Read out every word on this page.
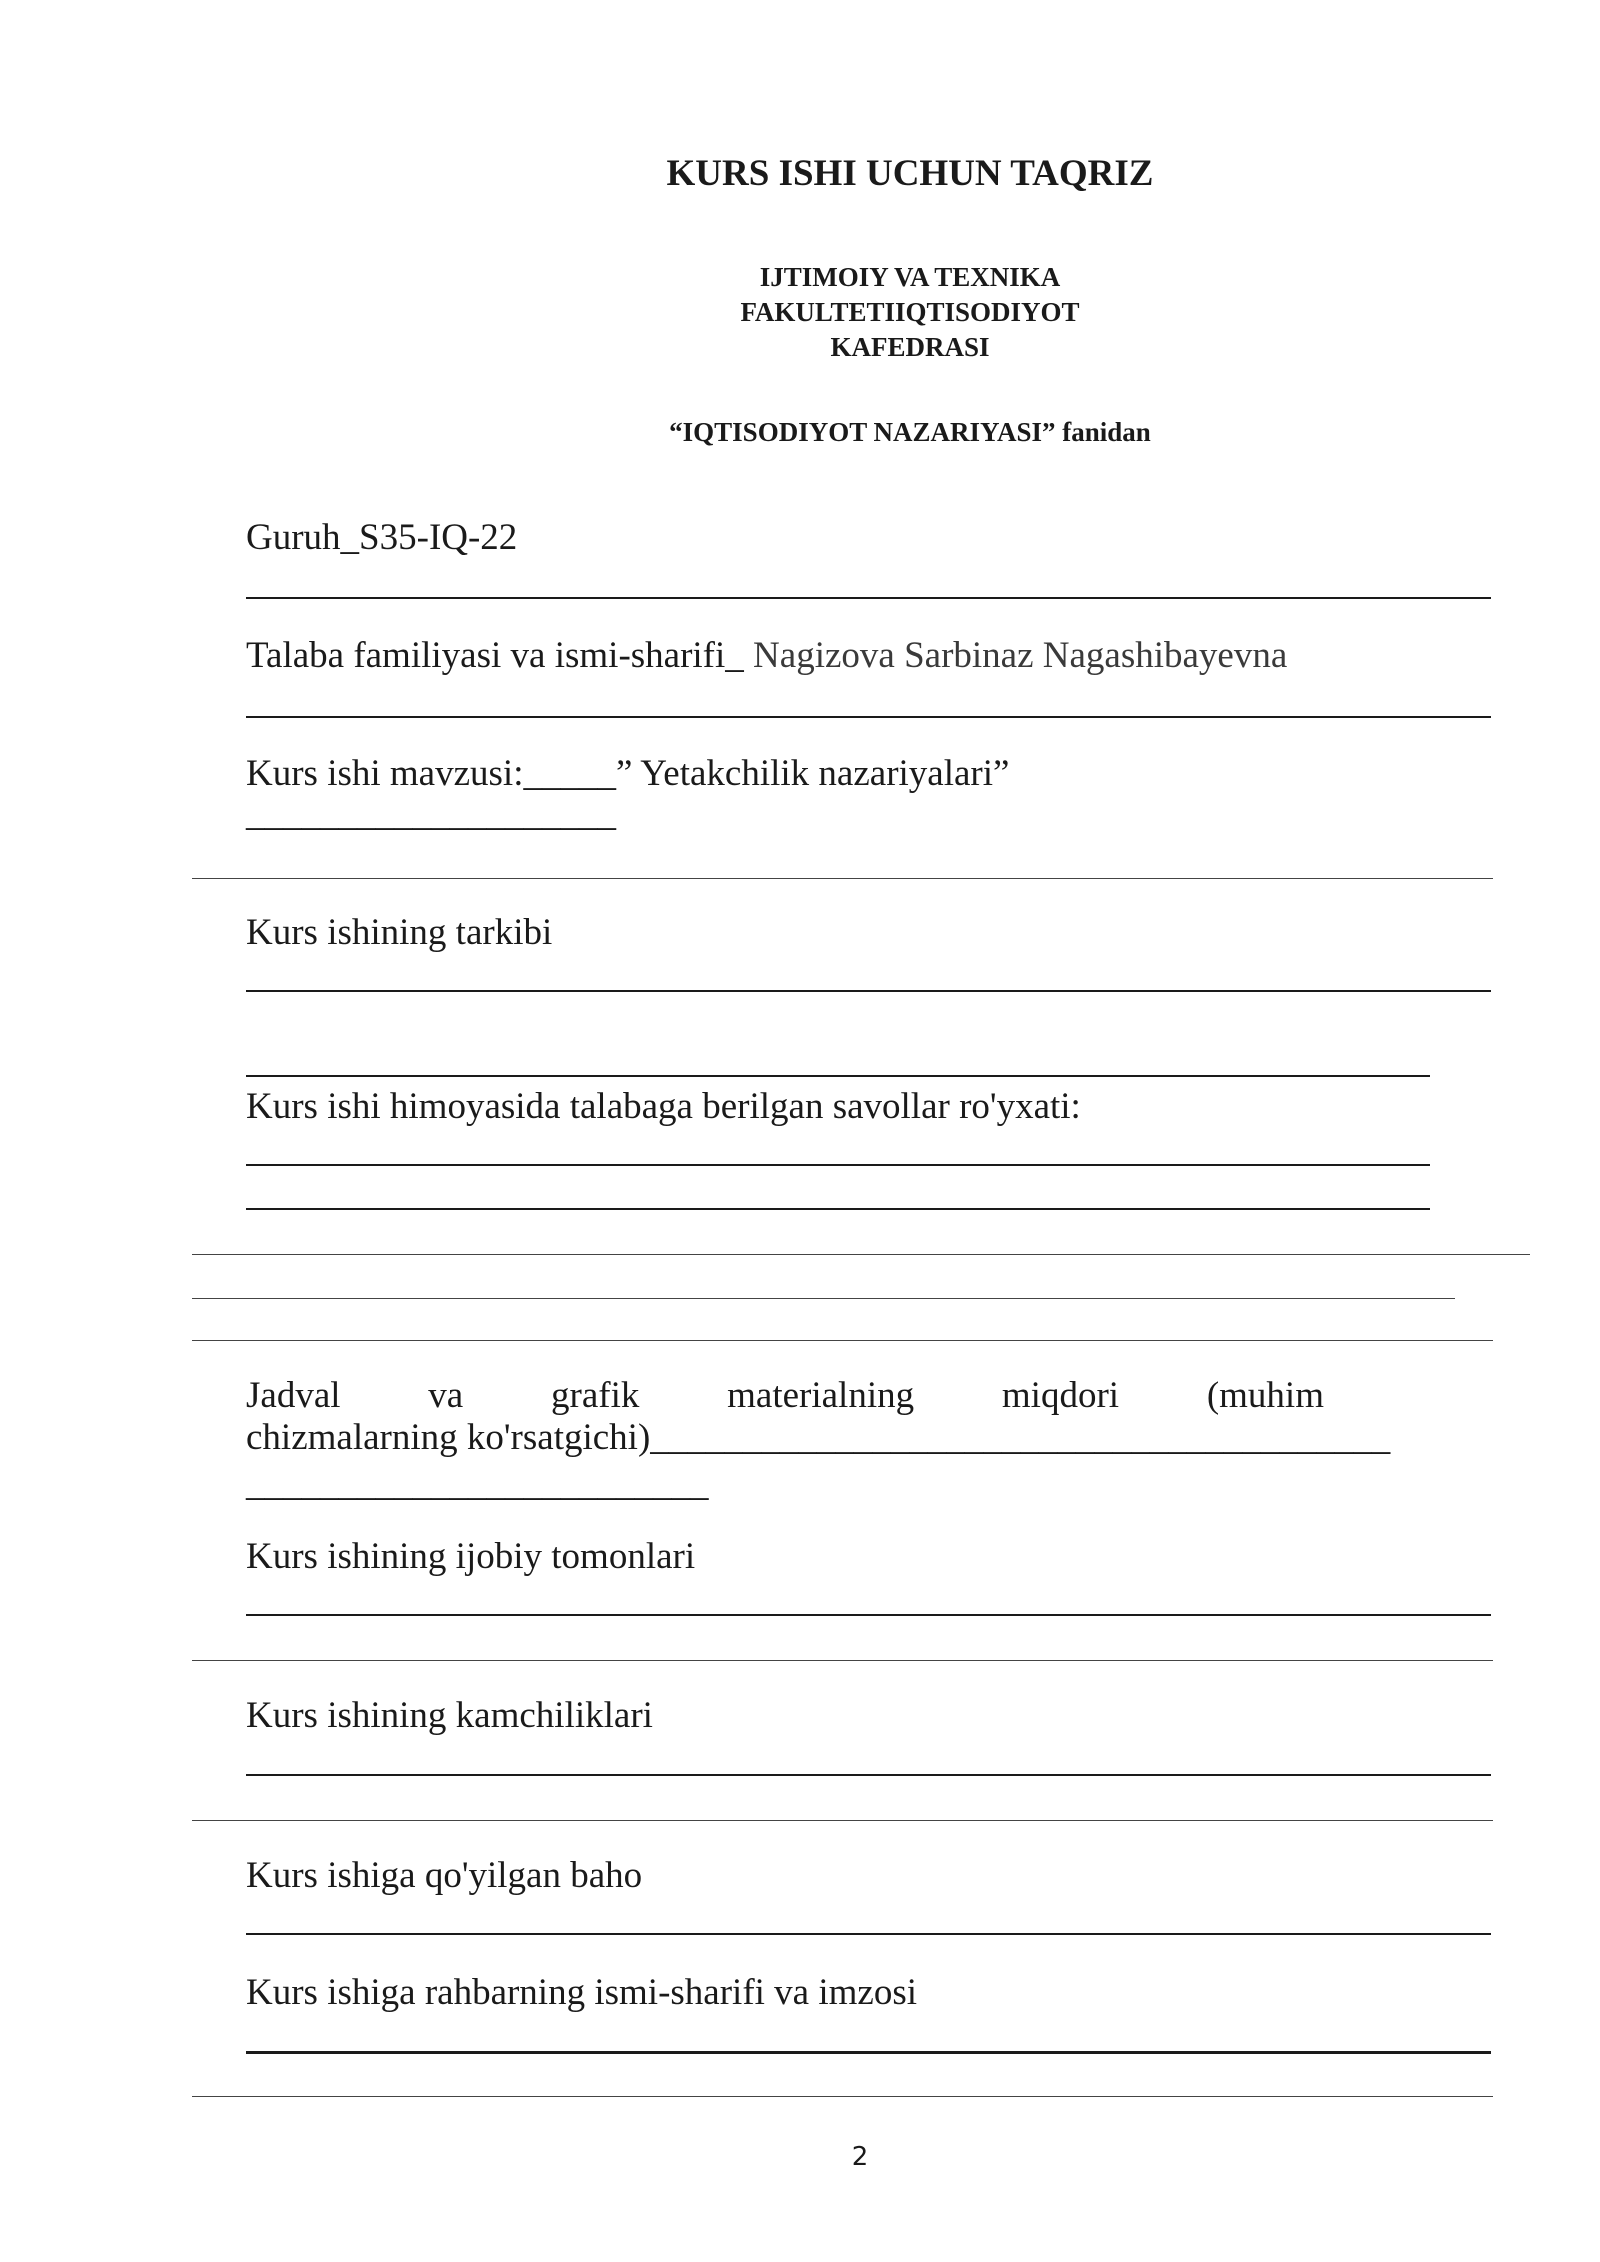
KURS ISHI UCHUN TAQRIZ
IJTIMOIY VA TEXNIKA
FAKULTETIIQTISODIYOT
KAFEDRASI
“IQTISODIYOT NAZARIYASI” fanidan
Guruh_S35-IQ-22
Talaba familiyasi va ismi-sharifi_ Nagizova Sarbinaz Nagashibayevna
Kurs ishi mavzusi:_____” Yetakchilik nazariyalari”
____________________
Kurs ishining tarkibi
Kurs ishi himoyasida talabaga berilgan savollar ro'yxati:
Jadval va grafik materialning miqdori (muhim
chizmalarning ko'rsatgichi)________________________________________
_________________________
Kurs ishining ijobiy tomonlari
Kurs ishining kamchiliklari
Kurs ishiga qo'yilgan baho
Kurs ishiga rahbarning ismi-sharifi va imzosi
2
